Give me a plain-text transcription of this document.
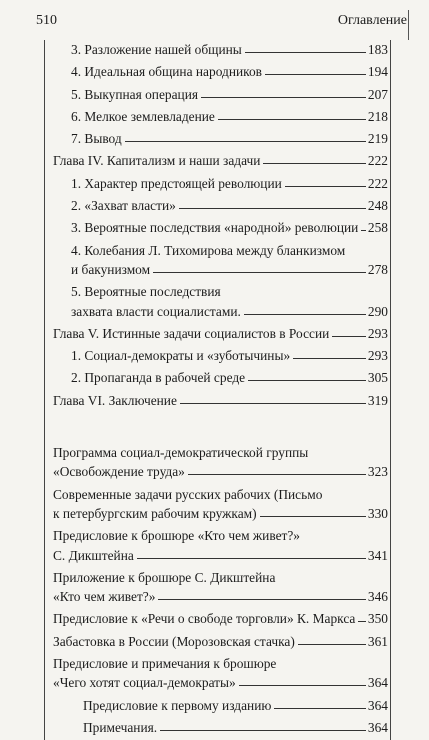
510	Оглавление
3. Разложение нашей общины	183
4. Идеальная община народников	194
5. Выкупная операция	207
6. Мелкое землевладение	218
7. Вывод	219
Глава IV. Капитализм и наши задачи	222
1. Характер предстоящей революции	222
2. «Захват власти»	248
3. Вероятные последствия «народной» революции 258
4. Колебания Л. Тихомирова между бланкизмом
и бакунизмом	278
5. Вероятные последствия
захвата власти социалистами.	290
Глава V. Истинные задачи социалистов в России	293
1. Социал-демократы и «зуботычины»	293
2. Пропаганда в рабочей среде	305
Глава VI. Заключение	319
Программа социал-демократической группы
«Освобождение труда»	323
Современные задачи русских рабочих (Письмо
к петербургским рабочим кружкам)	330
Предисловие к брошюре «Кто чем живет?»
С. Дикштейна	341
Приложение к брошюре С. Дикштейна
«Кто чем живет?»	346
Предисловие к «Речи о свободе торговли» К. Маркса 350
Забастовка в России (Морозовская стачка)	361
Предисловие и примечания к брошюре
«Чего хотят социал-демократы»	364
Предисловие к первому изданию	364
Примечания.	364
